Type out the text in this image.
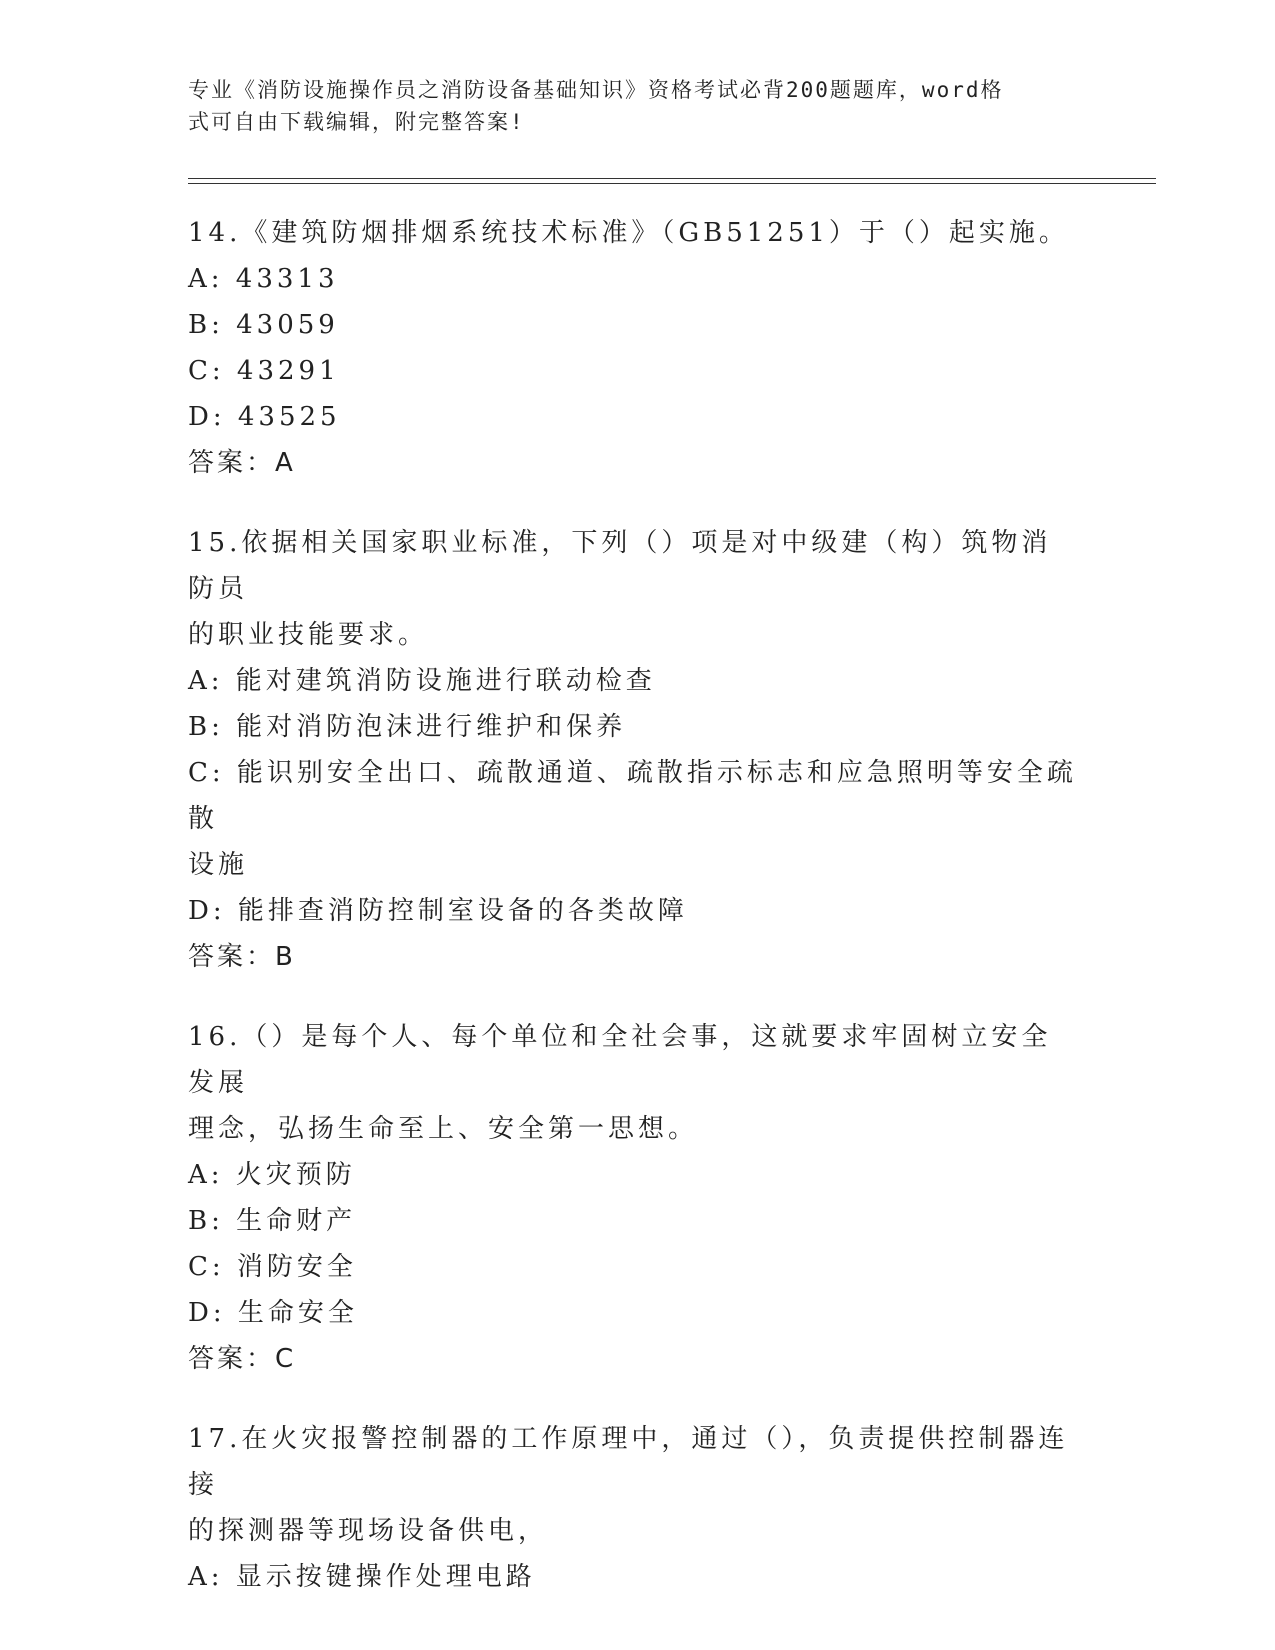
专业《消防设施操作员之消防设备基础知识》资格考试必背200题题库，word格
式可自由下载编辑，附完整答案!

14.《建筑防烟排烟系统技术标准》（GB51251）于（）起实施。

A: 43313

B: 43059

C: 43291

D: 43525

答案：A

15.依据相关国家职业标准，下列（）项是对中级建（构）筑物消防员

的职业技能要求。

A: 能对建筑消防设施进行联动检查

B: 能对消防泡沫进行维护和保养

C: 能识别安全出口、疏散通道、疏散指示标志和应急照明等安全疏散

设施

D: 能排查消防控制室设备的各类故障

答案：B

16.（）是每个人、每个单位和全社会事，这就要求牢固树立安全发展

理念，弘扬生命至上、安全第一思想。

A: 火灾预防

B: 生命财产

C: 消防安全

D: 生命安全

答案：C

17.在火灾报警控制器的工作原理中，通过（），负责提供控制器连接

的探测器等现场设备供电，

A: 显示按键操作处理电路
